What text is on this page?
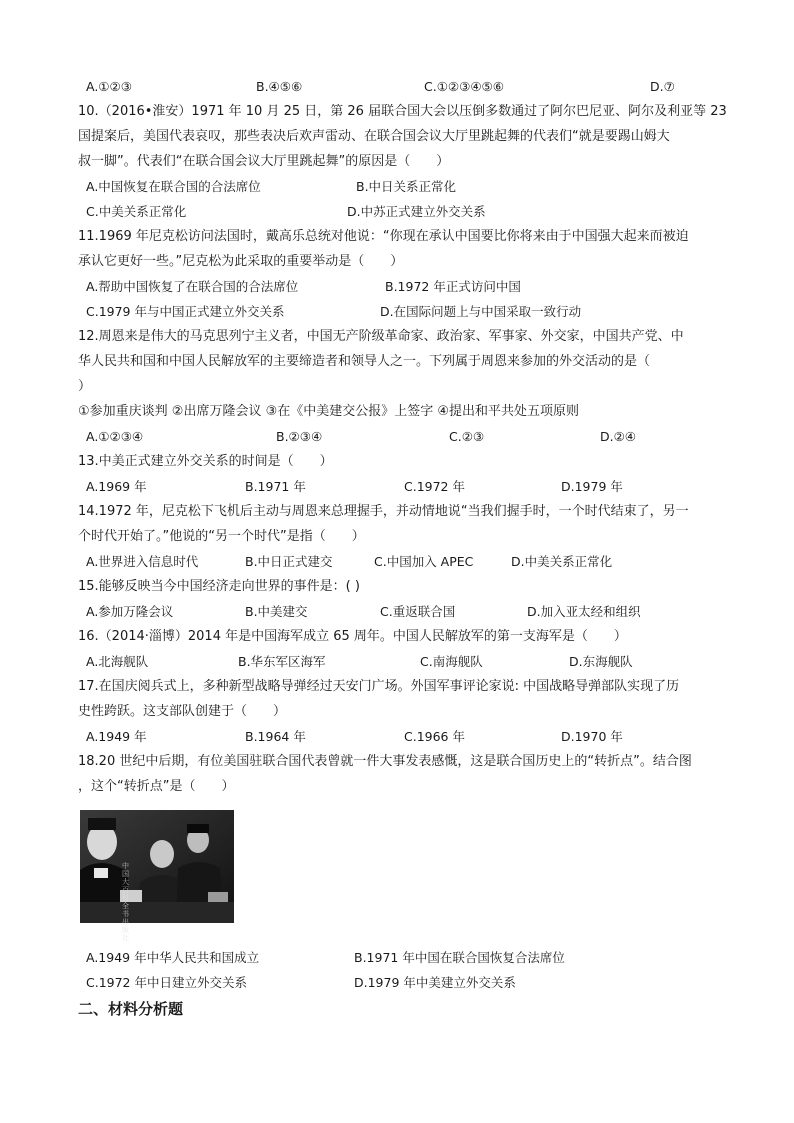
A.①②③	B.④⑤⑥	C.①②③④⑤⑥	D.⑦
10.（2016•淮安）1971 年 10 月 25 日，第 26 届联合国大会以压倒多数通过了阿尔巴尼亚、阿尔及利亚等 23
国提案后，美国代表哀叹，那些表决后欢声雷动、在联合国会议大厅里跳起舞的代表们“就是要踢山姆大
叔一脚”。代表们“在联合国会议大厅里跳起舞”的原因是（　　）
A.中国恢复在联合国的合法席位	B.中日关系正常化
C.中美关系正常化	D.中苏正式建立外交关系
11.1969 年尼克松访问法国时，戴高乐总统对他说：“你现在承认中国要比你将来由于中国强大起来而被迫
承认它更好一些。”尼克松为此采取的重要举动是（　　）
A.帮助中国恢复了在联合国的合法席位	B.1972 年正式访问中国
C.1979 年与中国正式建立外交关系	D.在国际问题上与中国采取一致行动
12.周恩来是伟大的马克思列宁主义者，中国无产阶级革命家、政治家、军事家、外交家，中国共产党、中
华人民共和国和中国人民解放军的主要缔造者和领导人之一。下列属于周恩来参加的外交活动的是（
）
①参加重庆谈判 ②出席万隆会议 ③在《中美建交公报》上签字 ④提出和平共处五项原则
A.①②③④	B.②③④	C.②③	D.②④
13.中美正式建立外交关系的时间是（　　）
A.1969 年	B.1971 年	C.1972 年	D.1979 年
14.1972 年，尼克松下飞机后主动与周恩来总理握手，并动情地说“当我们握手时，一个时代结束了，另一
个时代开始了。”他说的“另一个时代”是指（　　）
A.世界进入信息时代	B.中日正式建交	C.中国加入 APEC	D.中美关系正常化
15.能够反映当今中国经济走向世界的事件是：( )
A.参加万隆会议	B.中美建交	C.重返联合国	D.加入亚太经和组织
16.（2014·淄博）2014 年是中国海军成立 65 周年。中国人民解放军的第一支海军是（　　）
A.北海舰队	B.华东军区海军	C.南海舰队	D.东海舰队
17.在国庆阅兵式上，多种新型战略导弹经过天安门广场。外国军事评论家说: 中国战略导弹部队实现了历
史性跨跃。这支部队创建于（　　）
A.1949 年	B.1964 年	C.1966 年	D.1970 年
18.20 世纪中后期，有位美国驻联合国代表曾就一件大事发表感慨，这是联合国历史上的“转折点”。结合图
，这个“转折点”是（　　）
中国大百科全书出版社
A.1949 年中华人民共和国成立	B.1971 年中国在联合国恢复合法席位
C.1972 年中日建立外交关系	D.1979 年中美建立外交关系
二、材料分析题
